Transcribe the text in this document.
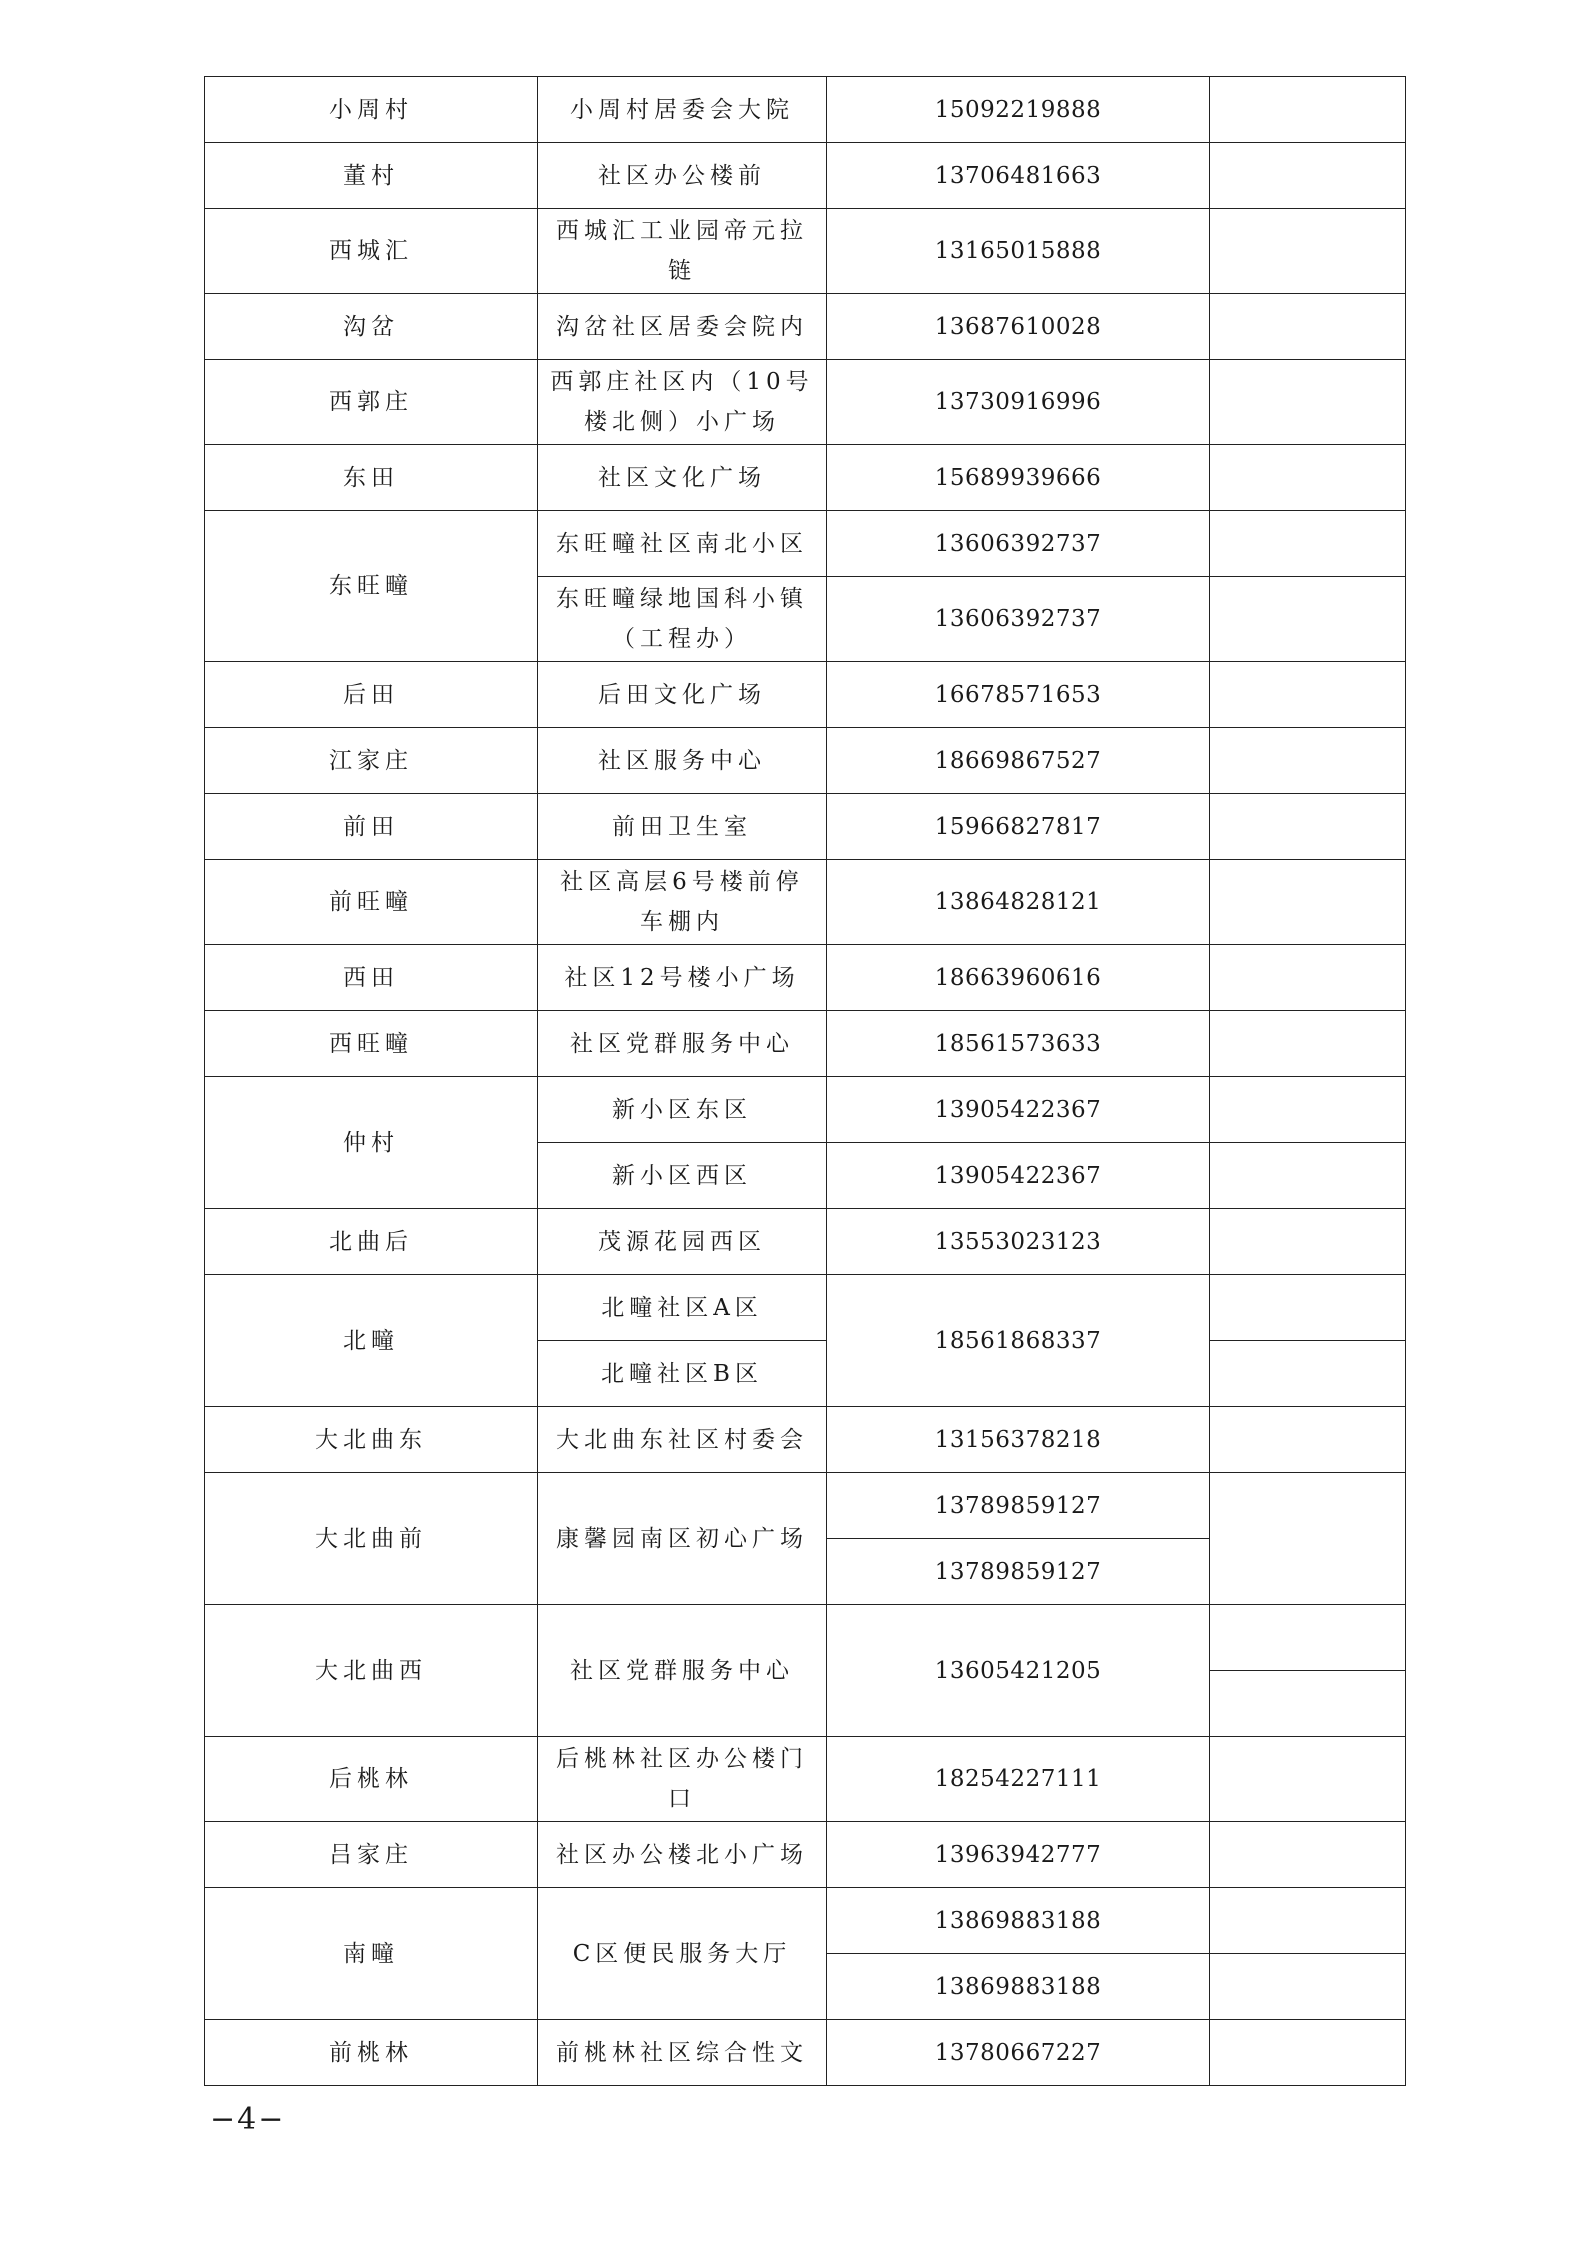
小周村	小周村居委会大院	15092219888	
董村	社区办公楼前	13706481663	
西城汇	西城汇工业园帝元拉链	13165015888	
沟岔	沟岔社区居委会院内	13687610028	
西郭庄	西郭庄社区内（10号楼北侧）小广场	13730916996	
东田	社区文化广场	15689939666	
东旺疃	东旺疃社区南北小区	13606392737	
	东旺疃绿地国科小镇（工程办）	13606392737	
后田	后田文化广场	16678571653	
江家庄	社区服务中心	18669867527	
前田	前田卫生室	15966827817	
前旺疃	社区高层6号楼前停车棚内	13864828121	
西田	社区12号楼小广场	18663960616	
西旺疃	社区党群服务中心	18561573633	
仲村	新小区东区	13905422367	
	新小区西区	13905422367	
北曲后	茂源花园西区	13553023123	
北疃	北疃社区A区	18561868337	
	北疃社区B区		
大北曲东	大北曲东社区村委会	13156378218	
大北曲前	康馨园南区初心广场	13789859127	
		13789859127	
大北曲西	社区党群服务中心	13605421205	

后桃林	后桃林社区办公楼门口	18254227111	
吕家庄	社区办公楼北小广场	13963942777	
南疃	C区便民服务大厅	13869883188	
		13869883188	
前桃林	前桃林社区综合性文	13780667227	
−4−
